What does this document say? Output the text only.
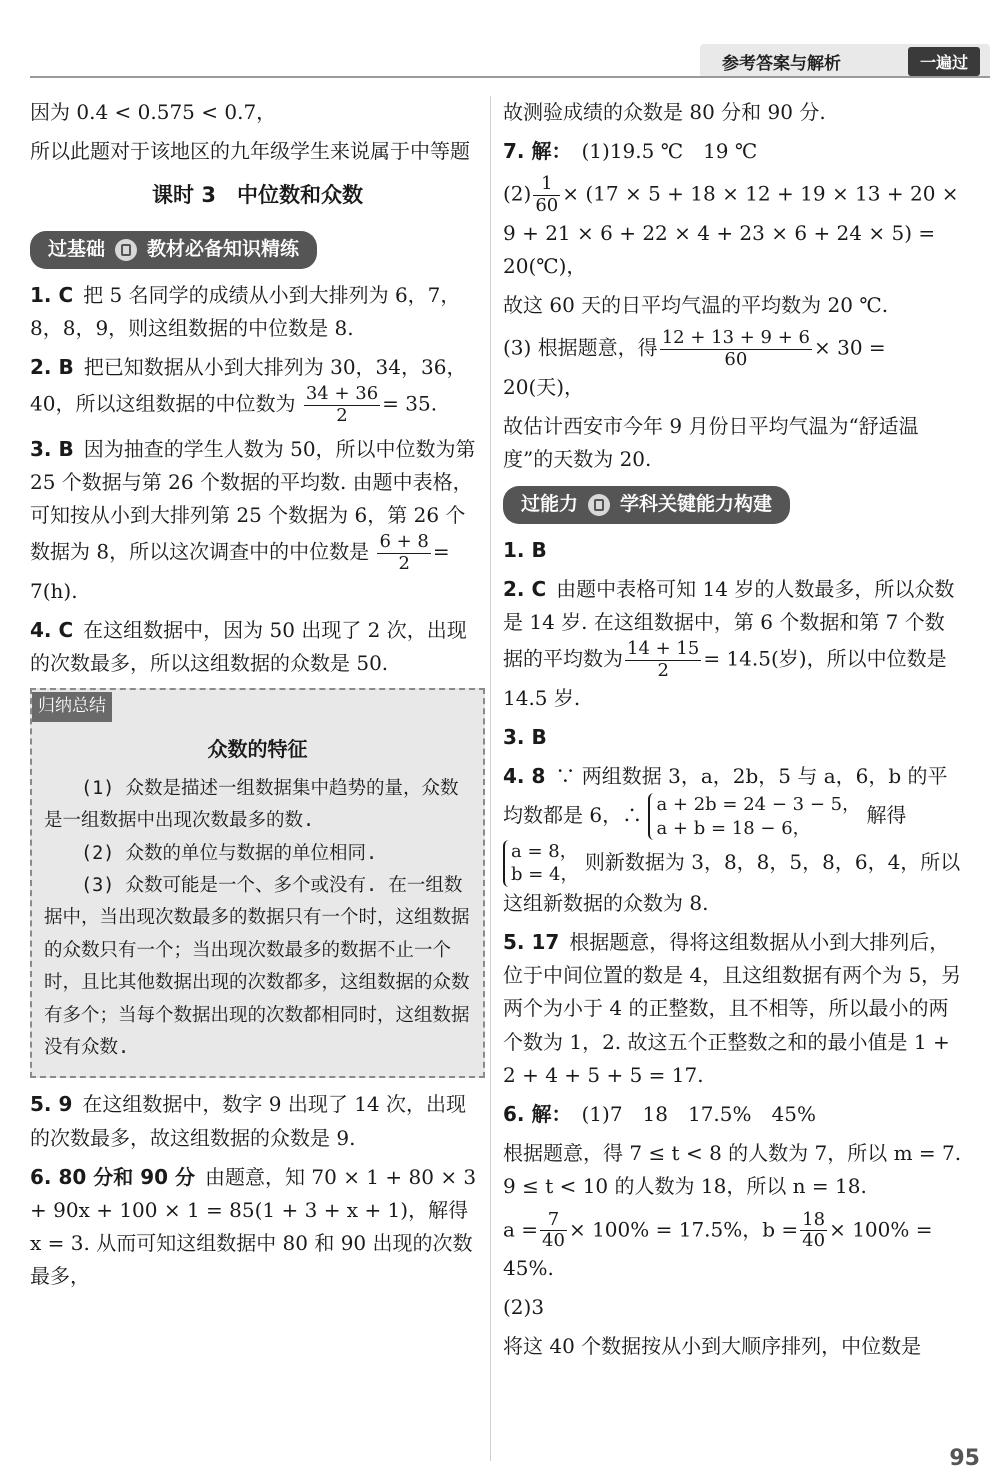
参考答案与解析	一遍过

因为 0.4 < 0.575 < 0.7，

所以此题对于该地区的九年级学生来说属于中等题

课时 3　中位数和众数
过基础 教材必备知识精练

1. C 把 5 名同学的成绩从小到大排列为 6，7，8，8，9，则这组数据的中位数是 8.

2. B 把已知数据从小到大排列为 30，34，36，40，所以这组数据的中位数为 $\frac{34 + 36}{2} = 35$.

3. B 因为抽查的学生人数为 50，所以中位数为第 25 个数据与第 26 个数据的平均数. 由题中表格，可知按从小到大排列第 25 个数据为 6，第 26 个数据为 8，所以这次调查中的中位数是 $\frac{6 + 8}{2} = 7(h)$.

4. C 在这组数据中，因为 50 出现了 2 次，出现的次数最多，所以这组数据的众数是 50.

归纳总结
众数的特征

(1) 众数是描述一组数据集中趋势的量，众数是一组数据中出现次数最多的数.

(2) 众数的单位与数据的单位相同.

(3) 众数可能是一个、多个或没有. 在一组数据中，当出现次数最多的数据只有一个时，这组数据的众数只有一个；当出现次数最多的数据不止一个时，且比其他数据出现的次数都多，这组数据的众数有多个；当每个数据出现的次数都相同时，这组数据没有众数.

5. 9 在这组数据中，数字 9 出现了 14 次，出现的次数最多，故这组数据的众数是 9.

6. 80 分和 90 分 由题意，知 70 × 1 + 80 × 3 + 90x + 100 × 1 = 85(1 + 3 + x + 1)，解得 x = 3. 从而可知这组数据中 80 和 90 出现的次数最多，

故测验成绩的众数是 80 分和 90 分.

7. 解： (1)19.5 ℃　19 ℃

$(2) \frac{1}{60} \times (17 \times 5 + 18 \times 12 + 19 \times 13 + 20 \times 9 + 21 \times 6 + 22 \times 4 + 23 \times 6 + 24 \times 5)$ = 20(℃)，

故这 60 天的日平均气温的平均数为 20 ℃.

(3) 根据题意，得 $\frac{12 + 13 + 9 + 6}{60} \times 30 = 20$(天)，

故估计西安市今年 9 月份日平均气温为“舒适温度”的天数为 20.

过能力 学科关键能力构建

1. B

2. C 由题中表格可知 14 岁的人数最多，所以众数是 14 岁. 在这组数据中，第 6 个数据和第 7 个数据的平均数为 $\frac{14 + 15}{2} = 14.5$(岁)，所以中位数是 14.5 岁.

3. B

4. 8 ∵ 两组数据 3，a，2b，5 与 a，6，b 的平均数都是 6，∴ a + 2b = 24 − 3 − 5，
a + b = 18 − 6，
解得
a = 8，
b = 4，
则新数据为 3，8，8，5，8，6，4，所以这组新数据的众数为 8.

5. 17 根据题意，得将这组数据从小到大排列后，位于中间位置的数是 4，且这组数据有两个为 5，另两个为小于 4 的正整数，且不相等，所以最小的两个数为 1，2. 故这五个正整数之和的最小值是 1 + 2 + 4 + 5 + 5 = 17.

6. 解： (1)7　18　17.5%　45%

根据题意，得 7 ≤ t < 8 的人数为 7，所以 m = 7. 9 ≤ t < 10 的人数为 18，所以 n = 18.

$a = \frac{7}{40} \times 100\% = 17.5\%$，$b = \frac{18}{40} \times 100\% = 45\%$.

(2)3

将这 40 个数据按从小到大顺序排列，中位数是

95
